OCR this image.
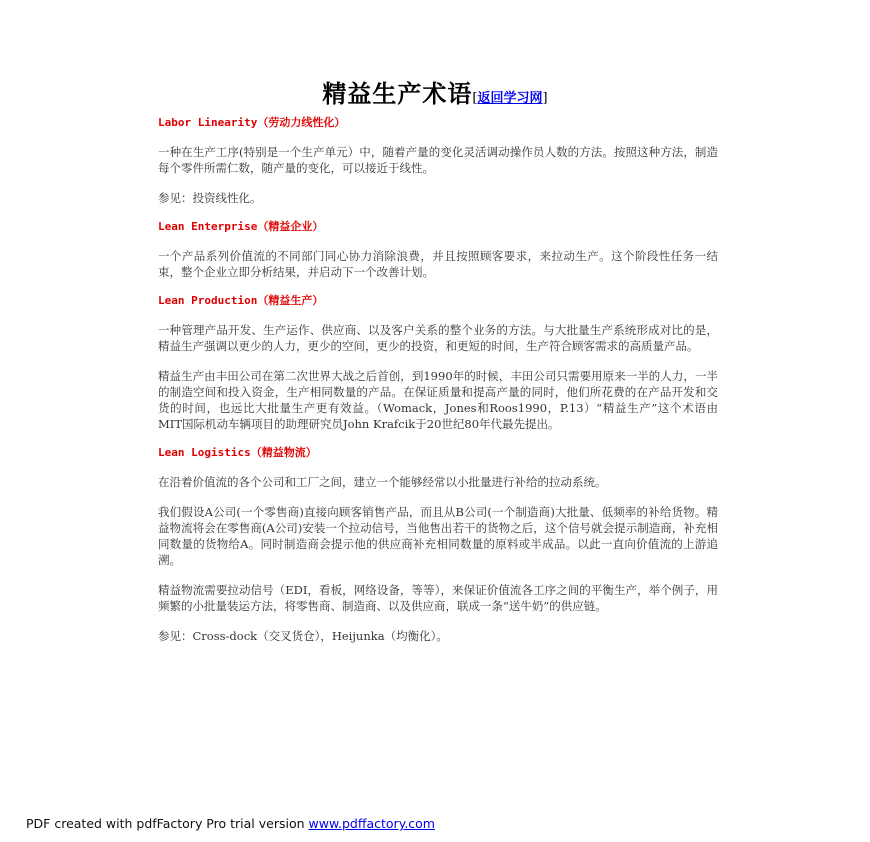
精益生产术语[返回学习网]

Labor Linearity（劳动力线性化）

一种在生产工序(特别是一个生产单元）中，随着产量的变化灵活调动操作员人数的方法。按照这种方法，制造每个零件所需仁数，随产量的变化，可以接近于线性。

参见：投资线性化。

Lean Enterprise（精益企业）

一个产品系列价值流的不同部门同心协力消除浪费，并且按照顾客要求，来拉动生产。这个阶段性任务一结束，整个企业立即分析结果，并启动下一个改善计划。

Lean Production（精益生产）

一种管理产品开发、生产运作、供应商、以及客户关系的整个业务的方法。与大批量生产系统形成对比的是，精益生产强调以更少的人力，更少的空间，更少的投资，和更短的时间，生产符合顾客需求的高质量产品。

精益生产由丰田公司在第二次世界大战之后首创，到1990年的时候，丰田公司只需要用原来一半的人力，一半的制造空间和投入资金，生产相同数量的产品。在保证质量和提高产量的同时，他们所花费的在产品开发和交货的时间，也远比大批量生产更有效益。（Womack，Jones和Roos1990，P.13）“精益生产”这个术语由MIT国际机动车辆项目的助理研究员John Krafcik于20世纪80年代最先提出。

Lean Logistics（精益物流）

在沿着价值流的各个公司和工厂之间，建立一个能够经常以小批量进行补给的拉动系统。

我们假设A公司(一个零售商)直接向顾客销售产品，而且从B公司(一个制造商)大批量、低频率的补给货物。精益物流将会在零售商(A公司)安装一个拉动信号，当他售出若干的货物之后，这个信号就会提示制造商，补充相同数量的货物给A。同时制造商会提示他的供应商补充相同数量的原料或半成品。以此一直向价值流的上游追溯。

精益物流需要拉动信号（EDI，看板，网络设备，等等），来保证价值流各工序之间的平衡生产，举个例子，用频繁的小批量装运方法，将零售商、制造商、以及供应商，联成一条“送牛奶”的供应链。

参见：Cross-dock（交叉货仓），Heijunka（均衡化）。

PDF created with pdfFactory Pro trial version www.pdffactory.com
